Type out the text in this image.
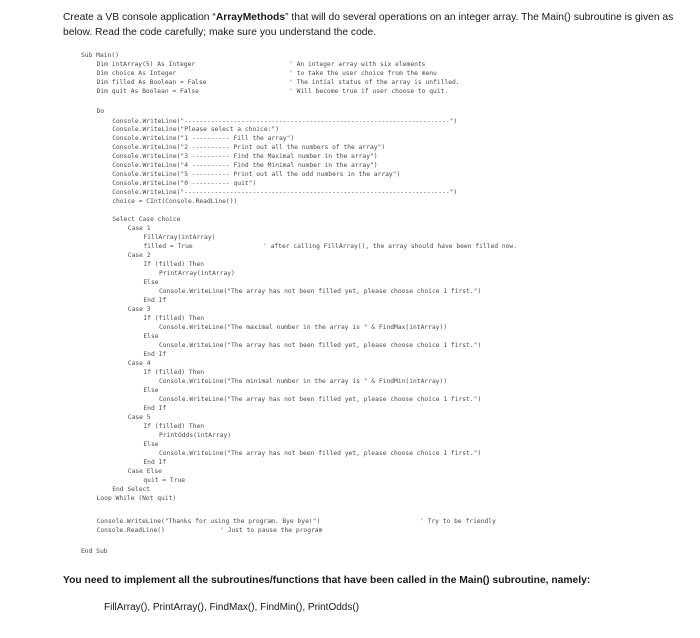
Create a VB console application “ArrayMethods” that will do several operations on an integer array. The Main() subroutine is given as below. Read the code carefully; make sure you understand the code.
Sub Main()
Dim intArray(5) As Integer	' An integer array with six elements
Dim choice As Integer	' to take the user choice from the menu
Dim filled As Boolean = False	' The intial status of the array is unfilled.
Dim quit As Boolean = False	' Will become true if user choose to quit.
Do
Console.WriteLine("----------------------------------------------------------------------")
Console.WriteLine("Please select a choice:")
Console.WriteLine("1 ---------- Fill the array")
Console.WriteLine("2 ---------- Print out all the numbers of the array")
Console.WriteLine("3 ---------- Find the Maximal number in the array")
Console.WriteLine("4 ---------- Find the Minimal number in the array")
Console.WriteLine("5 ---------- Print out all the odd numbers in the array")
Console.WriteLine("0 ---------- quit")
Console.WriteLine("----------------------------------------------------------------------")
choice = CInt(Console.ReadLine())
Select Case choice
Case 1
FillArray(intArray)
filled = True	' after calling FillArray(), the array should have been filled now.
Case 2
If (filled) Then
PrintArray(intArray)
Else
Console.WriteLine("The array has not been filled yet, please choose choice 1 first.")
End If
Case 3
If (filled) Then
Console.WriteLine("The maximal number in the array is " & FindMax(intArray))
Else
Console.WriteLine("The array has not been filled yet, please choose choice 1 first.")
End If
Case 4
If (filled) Then
Console.WriteLine("The minimal number in the array is " & FindMin(intArray))
Else
Console.WriteLine("The array has not been filled yet, please choose choice 1 first.")
End If
Case 5
If (filled) Then
PrintOdds(intArray)
Else
Console.WriteLine("The array has not been filled yet, please choose choice 1 first.")
End If
Case Else
quit = True
End Select
Loop While (Not quit)
Console.WriteLine("Thanks for using the program. Bye bye!")	' Try to be friendly
Console.ReadLine()	' Just to pause the program
End Sub
You need to implement all the subroutines/functions that have been called in the Main() subroutine, namely:
FillArray(), PrintArray(), FindMax(), FindMin(), PrintOdds()
